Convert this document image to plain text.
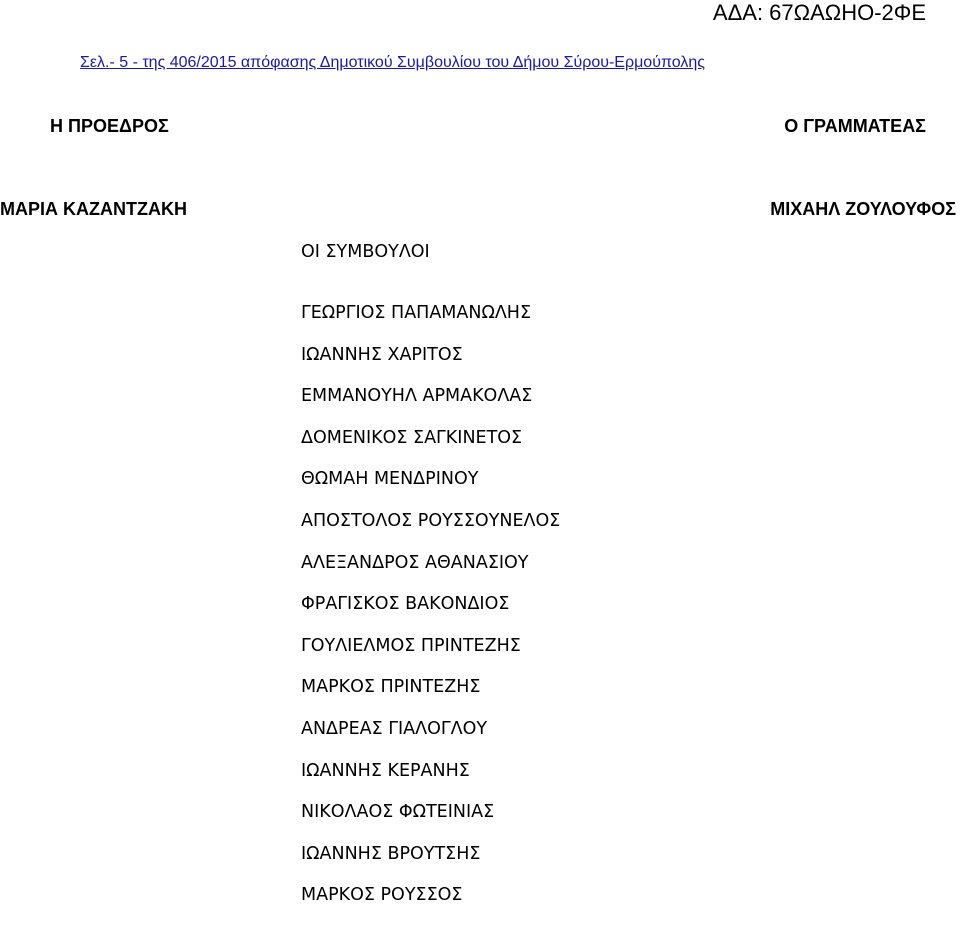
ΑΔΑ: 67ΩΑΩΗΟ-2ΦΕ
Σελ.- 5 - της 406/2015 απόφασης Δημοτικού Συμβουλίου του Δήμου Σύρου-Ερμούπολης
Η ΠΡΟΕΔΡΟΣ	Ο ΓΡΑΜΜΑΤΕΑΣ
ΜΑΡΙΑ ΚΑΖΑΝΤΖΑΚΗ	ΜΙΧΑΗΛ ΖΟΥΛΟΥΦΟΣ
ΟΙ ΣΥΜΒΟΥΛΟΙ
ΓΕΩΡΓΙΟΣ ΠΑΠΑΜΑΝΩΛΗΣ
ΙΩΑΝΝΗΣ ΧΑΡΙΤΟΣ
ΕΜΜΑΝΟΥΗΛ ΑΡΜΑΚΟΛΑΣ
ΔΟΜΕΝΙΚΟΣ ΣΑΓΚΙΝΕΤΟΣ
ΘΩΜΑΗ ΜΕΝΔΡΙΝΟΥ
ΑΠΟΣΤΟΛΟΣ ΡΟΥΣΣΟΥΝΕΛΟΣ
ΑΛΕΞΑΝΔΡΟΣ ΑΘΑΝΑΣΙΟΥ
ΦΡΑΓΙΣΚΟΣ ΒΑΚΟΝΔΙΟΣ
ΓΟΥΛΙΕΛΜΟΣ ΠΡΙΝΤΕΖΗΣ
ΜΑΡΚΟΣ ΠΡΙΝΤΕΖΗΣ
ΑΝΔΡΕΑΣ ΓΙΑΛΟΓΛΟΥ
ΙΩΑΝΝΗΣ ΚΕΡΑΝΗΣ
ΝΙΚΟΛΑΟΣ ΦΩΤΕΙΝΙΑΣ
ΙΩΑΝΝΗΣ ΒΡΟΥΤΣΗΣ
ΜΑΡΚΟΣ ΡΟΥΣΣΟΣ
